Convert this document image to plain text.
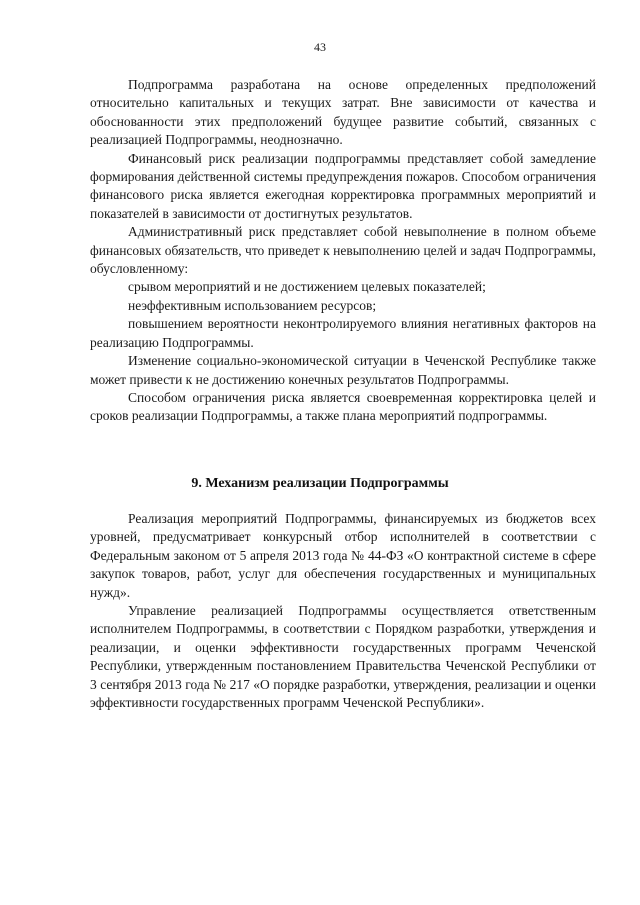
43

Подпрограмма разработана на основе определенных предположений относительно капитальных и текущих затрат. Вне зависимости от качества и обоснованности этих предположений будущее развитие событий, связанных с реализацией Подпрограммы, неоднозначно.

Финансовый риск реализации подпрограммы представляет собой замедление формирования действенной системы предупреждения пожаров. Способом ограничения финансового риска является ежегодная корректировка программных мероприятий и показателей в зависимости от достигнутых результатов.

Административный риск представляет собой невыполнение в полном объеме финансовых обязательств, что приведет к невыполнению целей и задач Подпрограммы, обусловленному:

срывом мероприятий и не достижением целевых показателей;

неэффективным использованием ресурсов;

повышением вероятности неконтролируемого влияния негативных факторов на реализацию Подпрограммы.

Изменение социально-экономической ситуации в Чеченской Республике также может привести к не достижению конечных результатов Подпрограммы.

Способом ограничения риска является своевременная корректировка целей и сроков реализации Подпрограммы, а также плана мероприятий подпрограммы.

9. Механизм реализации Подпрограммы

Реализация мероприятий Подпрограммы, финансируемых из бюджетов всех уровней, предусматривает конкурсный отбор исполнителей в соответствии с Федеральным законом от 5 апреля 2013 года № 44-ФЗ «О контрактной системе в сфере закупок товаров, работ, услуг для обеспечения государственных и муниципальных нужд».

Управление реализацией Подпрограммы осуществляется ответственным исполнителем Подпрограммы, в соответствии с Порядком разработки, утверждения и реализации, и оценки эффективности государственных программ Чеченской Республики, утвержденным постановлением Правительства Чеченской Республики от 3 сентября 2013 года № 217 «О порядке разработки, утверждения, реализации и оценки эффективности государственных программ Чеченской Республики».
